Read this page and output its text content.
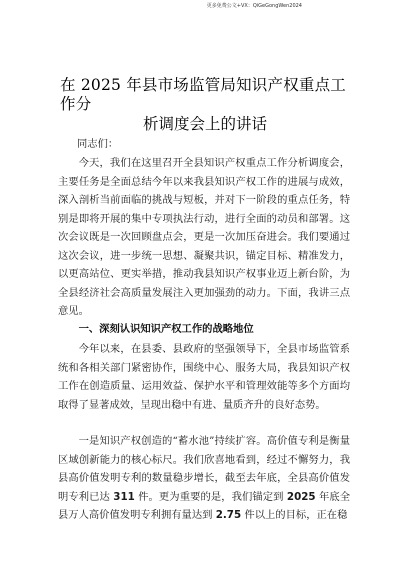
更多免费公文+VX：QiGeGongWen2024
在 2025 年县市场监管局知识产权重点工作分
析调度会上的讲话
同志们：

今天，我们在这里召开全县知识产权重点工作分析调度会，主要任务是全面总结今年以来我县知识产权工作的进展与成效，深入剖析当前面临的挑战与短板，并对下一阶段的重点任务，特别是即将开展的集中专项执法行动，进行全面的动员和部署。这次会议既是一次回顾盘点会，更是一次加压奋进会。我们要通过这次会议，进一步统一思想、凝聚共识，锚定目标、精准发力，以更高站位、更实举措，推动我县知识产权事业迈上新台阶，为全县经济社会高质量发展注入更加强劲的动力。下面，我讲三点意见。

一、深刻认识知识产权工作的战略地位

今年以来，在县委、县政府的坚强领导下，全县市场监管系统和各相关部门紧密协作，围绕中心、服务大局，我县知识产权工作在创造质量、运用效益、保护水平和管理效能等多个方面均取得了显著成效，呈现出稳中有进、量质齐升的良好态势。

一是知识产权创造的“蓄水池”持续扩容。高价值专利是衡量区域创新能力的核心标尺。我们欣喜地看到，经过不懈努力，我县高价值发明专利的数量稳步增长，截至去年底，全县高价值发明专利已达 311 件。更为重要的是，我们锚定到 2025 年底全县万人高价值发明专利拥有量达到 2.75 件以上的目标，正在稳
